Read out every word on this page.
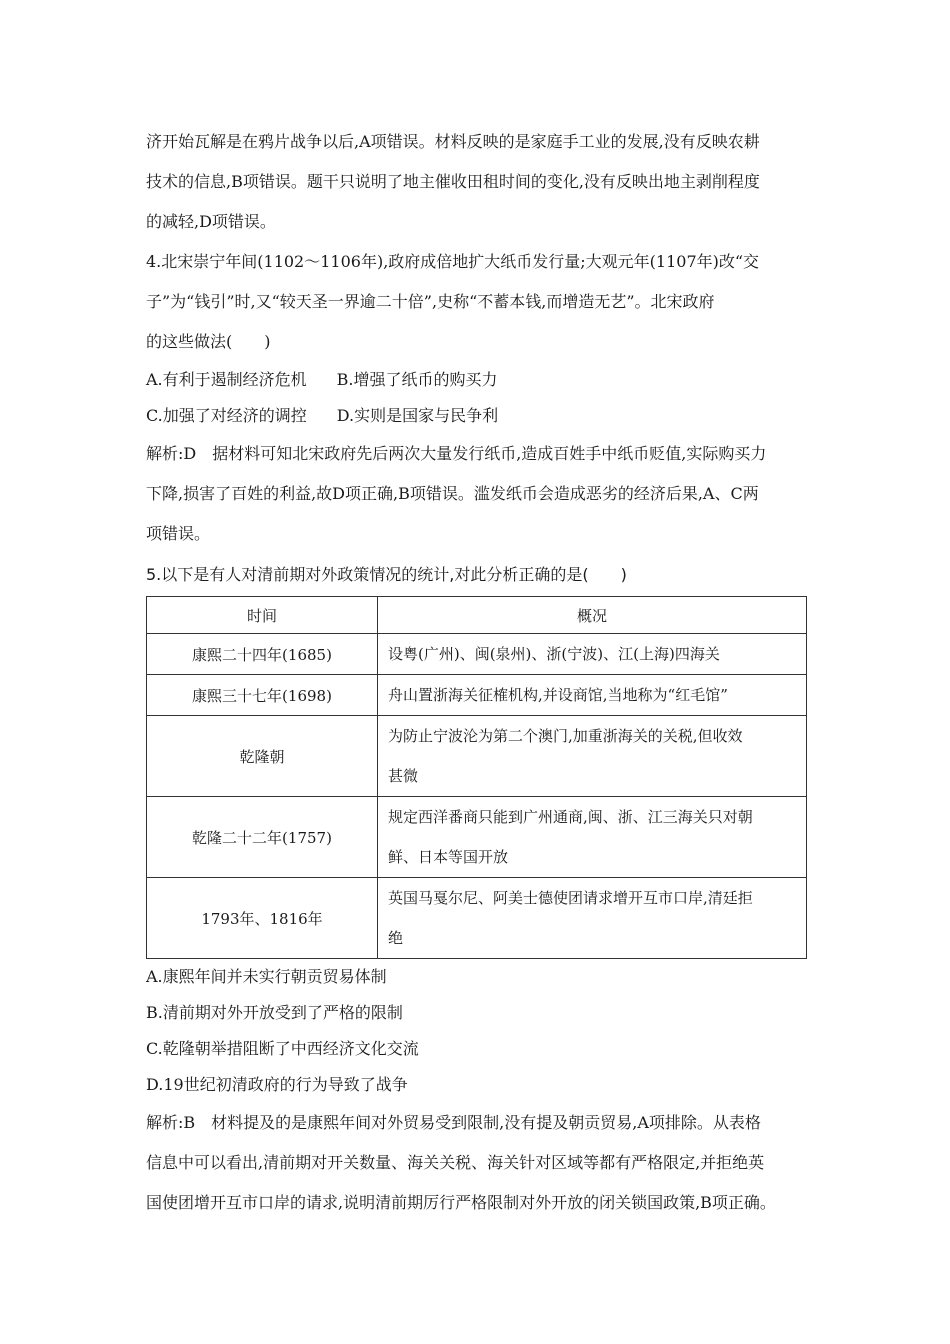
济开始瓦解是在鸦片战争以后,A项错误。材料反映的是家庭手工业的发展,没有反映农耕

技术的信息,B项错误。题干只说明了地主催收田租时间的变化,没有反映出地主剥削程度

的减轻,D项错误。

4.北宋崇宁年间(1102～1106年),政府成倍地扩大纸币发行量;大观元年(1107年)改“交

子”为“钱引”时,又“较天圣一界逾二十倍”,史称“不蓄本钱,而增造无艺”。北宋政府

的这些做法(　　)

A.有利于遏制经济危机 B.增强了纸币的购买力
C.加强了对经济的调控 D.实则是国家与民争利

解析:D　据材料可知北宋政府先后两次大量发行纸币,造成百姓手中纸币贬值,实际购买力

下降,损害了百姓的利益,故D项正确,B项错误。滥发纸币会造成恶劣的经济后果,A、C两

项错误。

5.以下是有人对清前期对外政策情况的统计,对此分析正确的是(　　)
时间	概况
康熙二十四年(1685)	设粤(广州)、闽(泉州)、浙(宁波)、江(上海)四海关
康熙三十七年(1698)	舟山置浙海关征榷机构,并设商馆,当地称为“红毛馆”
乾隆朝	为防止宁波沦为第二个澳门,加重浙海关的关税,但收效
甚微

乾隆二十二年(1757)	规定西洋番商只能到广州通商,闽、浙、江三海关只对朝
鲜、日本等国开放

1793年、1816年	英国马戛尔尼、阿美士德使团请求增开互市口岸,清廷拒
绝

A.康熙年间并未实行朝贡贸易体制

B.清前期对外开放受到了严格的限制

C.乾隆朝举措阻断了中西经济文化交流

D.19世纪初清政府的行为导致了战争

解析:B　材料提及的是康熙年间对外贸易受到限制,没有提及朝贡贸易,A项排除。从表格

信息中可以看出,清前期对开关数量、海关关税、海关针对区域等都有严格限定,并拒绝英

国使团增开互市口岸的请求,说明清前期厉行严格限制对外开放的闭关锁国政策,B项正确。
